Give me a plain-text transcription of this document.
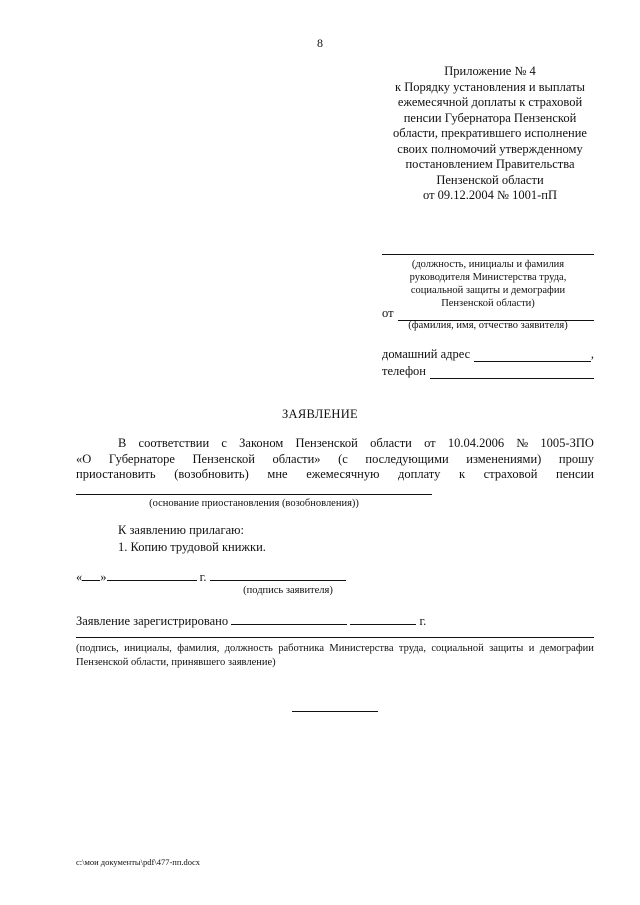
8
Приложение № 4
к Порядку установления и выплаты
ежемесячной доплаты к страховой
пенсии Губернатора Пензенской
области, прекратившего исполнение
своих полномочий утвержденному
постановлением Правительства
Пензенской области
от 09.12.2004 № 1001-пП
(должность, инициалы и фамилия
руководителя Министерства труда,
социальной защиты и демографии
Пензенской области)
от
(фамилия, имя, отчество заявителя)
домашний адрес	,
телефон
ЗАЯВЛЕНИЕ
В соответствии с Законом Пензенской области от 10.04.2006 № 1005-ЗПО
«О Губернаторе Пензенской области» (с последующими изменениями) прошу
приостановить (возобновить) мне ежемесячную доплату к страховой пенсии
(основание приостановления (возобновления))
К заявлению прилагаю:
1. Копию трудовой книжки.
« »	г.
(подпись заявителя)
Заявление зарегистрировано	г.
(подпись, инициалы, фамилия, должность работника Министерства труда, социальной защиты и демографии
Пензенской области, принявшего заявление)
c:\мои документы\pdf\477-пп.docx
